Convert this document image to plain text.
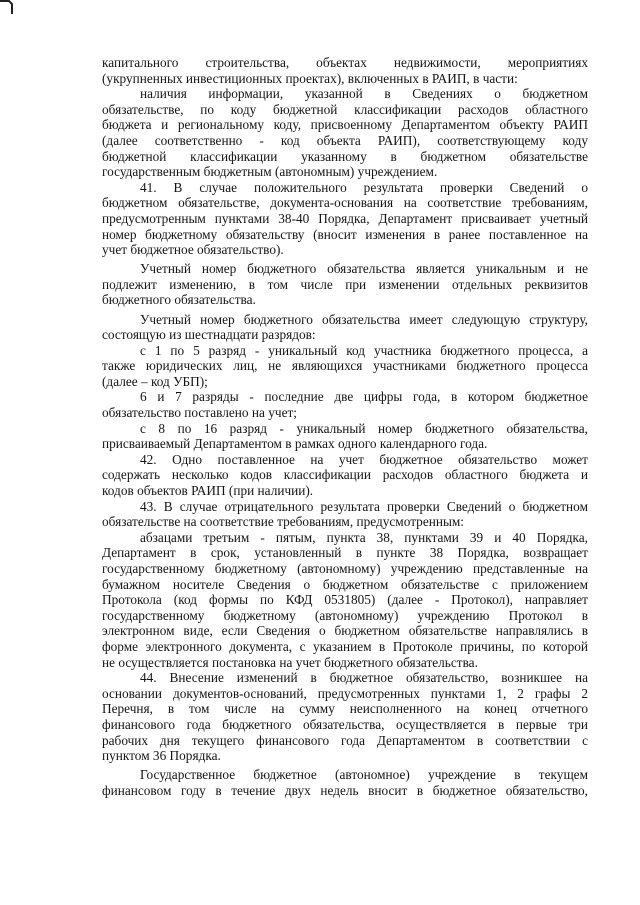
капитального строительства, объектах недвижимости, мероприятиях
(укрупненных инвестиционных проектах), включенных в РАИП, в части:
наличия информации, указанной в Сведениях о бюджетном
обязательстве, по коду бюджетной классификации расходов областного
бюджета и региональному коду, присвоенному Департаментом объекту РАИП
(далее соответственно - код объекта РАИП), соответствующему коду
бюджетной классификации указанному в бюджетном обязательстве
государственным бюджетным (автономным) учреждением.
41. В случае положительного результата проверки Сведений о
бюджетном обязательстве, документа-основания на соответствие требованиям,
предусмотренным пунктами 38-40 Порядка, Департамент присваивает учетный
номер бюджетному обязательству (вносит изменения в ранее поставленное на
учет бюджетное обязательство).
Учетный номер бюджетного обязательства является уникальным и не
подлежит изменению, в том числе при изменении отдельных реквизитов
бюджетного обязательства.
Учетный номер бюджетного обязательства имеет следующую структуру,
состоящую из шестнадцати разрядов:
с 1 по 5 разряд - уникальный код участника бюджетного процесса, а
также юридических лиц, не являющихся участниками бюджетного процесса
(далее – код УБП);
6 и 7 разряды - последние две цифры года, в котором бюджетное
обязательство поставлено на учет;
с 8 по 16 разряд - уникальный номер бюджетного обязательства,
присваиваемый Департаментом в рамках одного календарного года.
42. Одно поставленное на учет бюджетное обязательство может
содержать несколько кодов классификации расходов областного бюджета и
кодов объектов РАИП (при наличии).
43. В случае отрицательного результата проверки Сведений о бюджетном
обязательстве на соответствие требованиям, предусмотренным:
абзацами третьим - пятым, пункта 38, пунктами 39 и 40 Порядка,
Департамент в срок, установленный в пункте 38 Порядка, возвращает
государственному бюджетному (автономному) учреждению представленные на
бумажном носителе Сведения о бюджетном обязательстве с приложением
Протокола (код формы по КФД 0531805) (далее - Протокол), направляет
государственному бюджетному (автономному) учреждению Протокол в
электронном виде, если Сведения о бюджетном обязательстве направлялись в
форме электронного документа, с указанием в Протоколе причины, по которой
не осуществляется постановка на учет бюджетного обязательства.
44. Внесение изменений в бюджетное обязательство, возникшее на
основании документов-оснований, предусмотренных пунктами 1, 2 графы 2
Перечня, в том числе на сумму неисполненного на конец отчетного
финансового года бюджетного обязательства, осуществляется в первые три
рабочих дня текущего финансового года Департаментом в соответствии с
пунктом 36 Порядка.
Государственное бюджетное (автономное) учреждение в текущем
финансовом году в течение двух недель вносит в бюджетное обязательство,
